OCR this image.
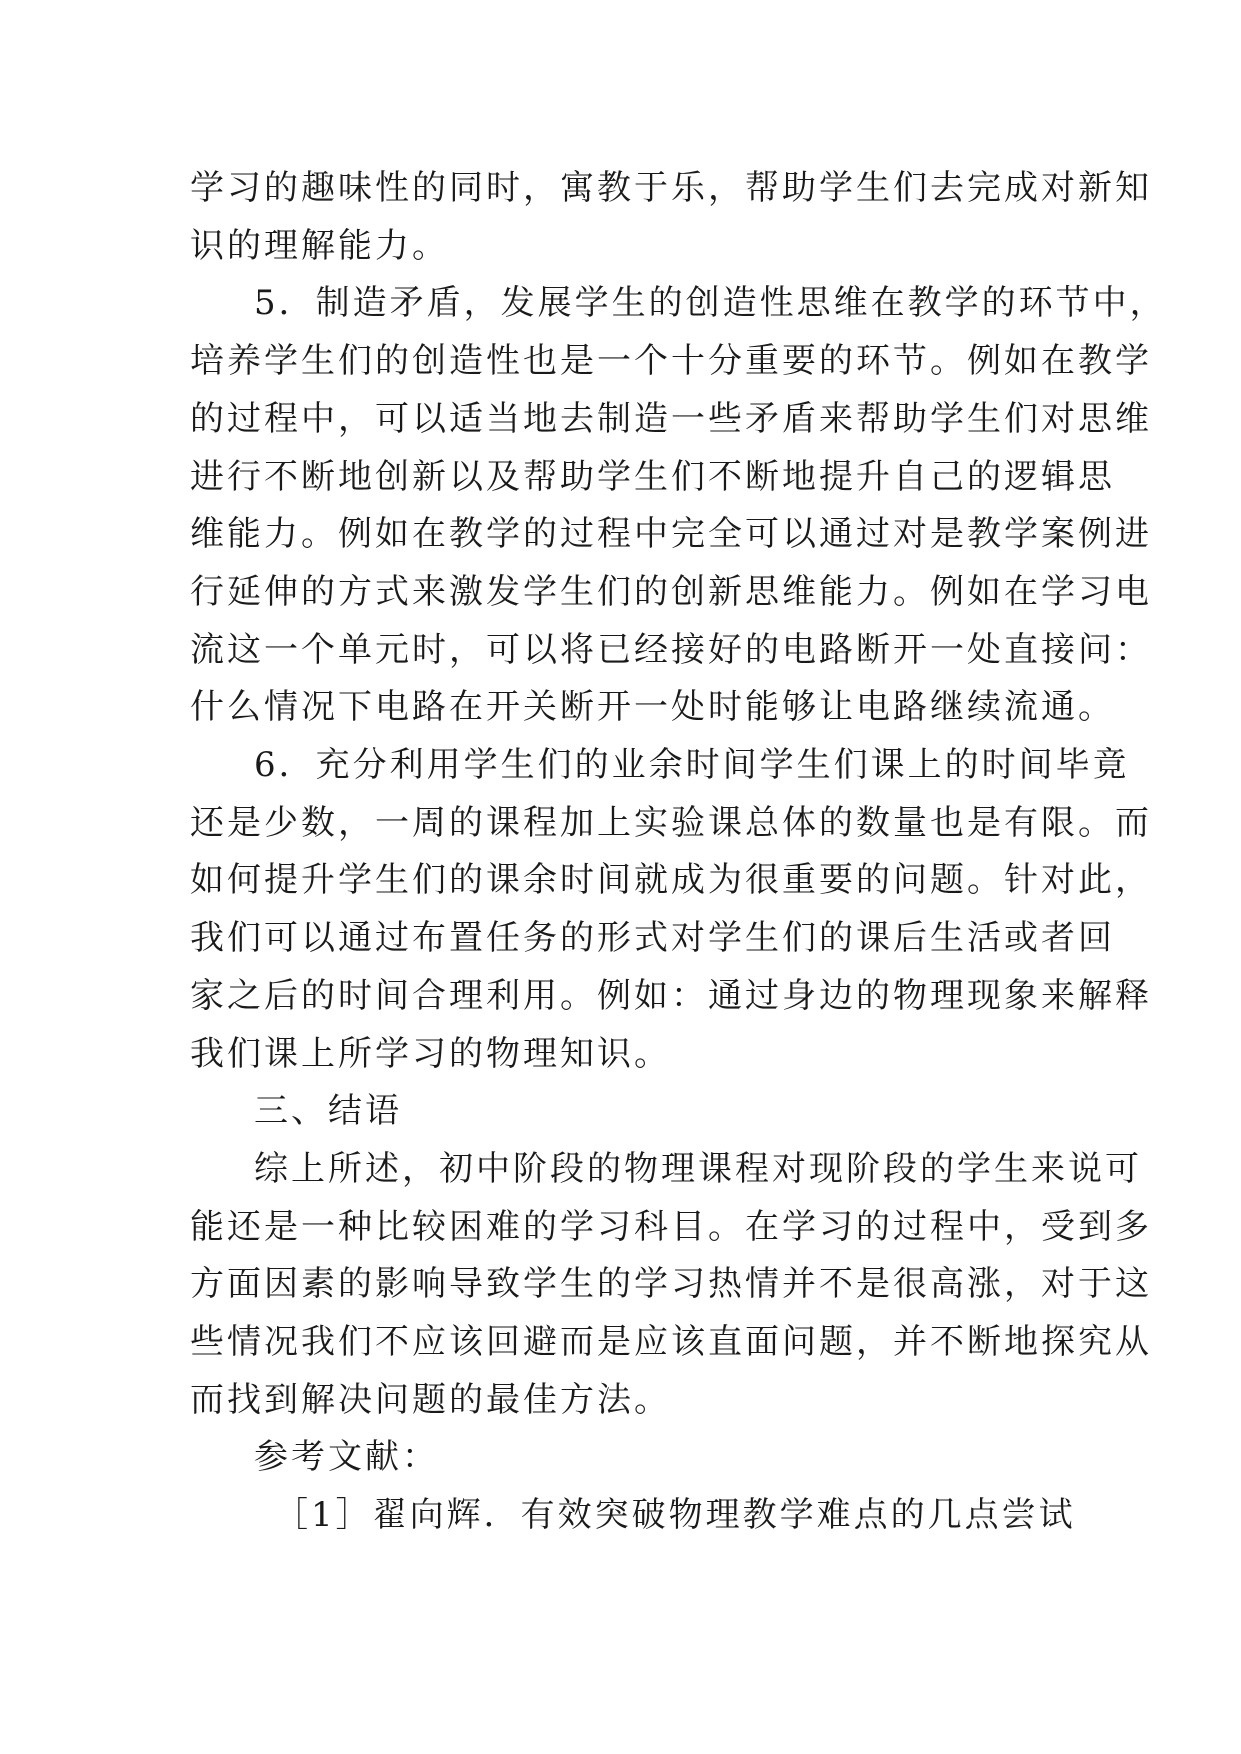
学习的趣味性的同时，寓教于乐，帮助学生们去完成对新知
识的理解能力。

5．制造矛盾，发展学生的创造性思维在教学的环节中，
培养学生们的创造性也是一个十分重要的环节。例如在教学
的过程中，可以适当地去制造一些矛盾来帮助学生们对思维
进行不断地创新以及帮助学生们不断地提升自己的逻辑思
维能力。例如在教学的过程中完全可以通过对是教学案例进
行延伸的方式来激发学生们的创新思维能力。例如在学习电
流这一个单元时，可以将已经接好的电路断开一处直接问：
什么情况下电路在开关断开一处时能够让电路继续流通。

6．充分利用学生们的业余时间学生们课上的时间毕竟
还是少数，一周的课程加上实验课总体的数量也是有限。而
如何提升学生们的课余时间就成为很重要的问题。针对此，
我们可以通过布置任务的形式对学生们的课后生活或者回
家之后的时间合理利用。例如：通过身边的物理现象来解释
我们课上所学习的物理知识。

三、结语

综上所述，初中阶段的物理课程对现阶段的学生来说可
能还是一种比较困难的学习科目。在学习的过程中，受到多
方面因素的影响导致学生的学习热情并不是很高涨，对于这
些情况我们不应该回避而是应该直面问题，并不断地探究从
而找到解决问题的最佳方法。

参考文献：

［1］翟向辉．有效突破物理教学难点的几点尝试
